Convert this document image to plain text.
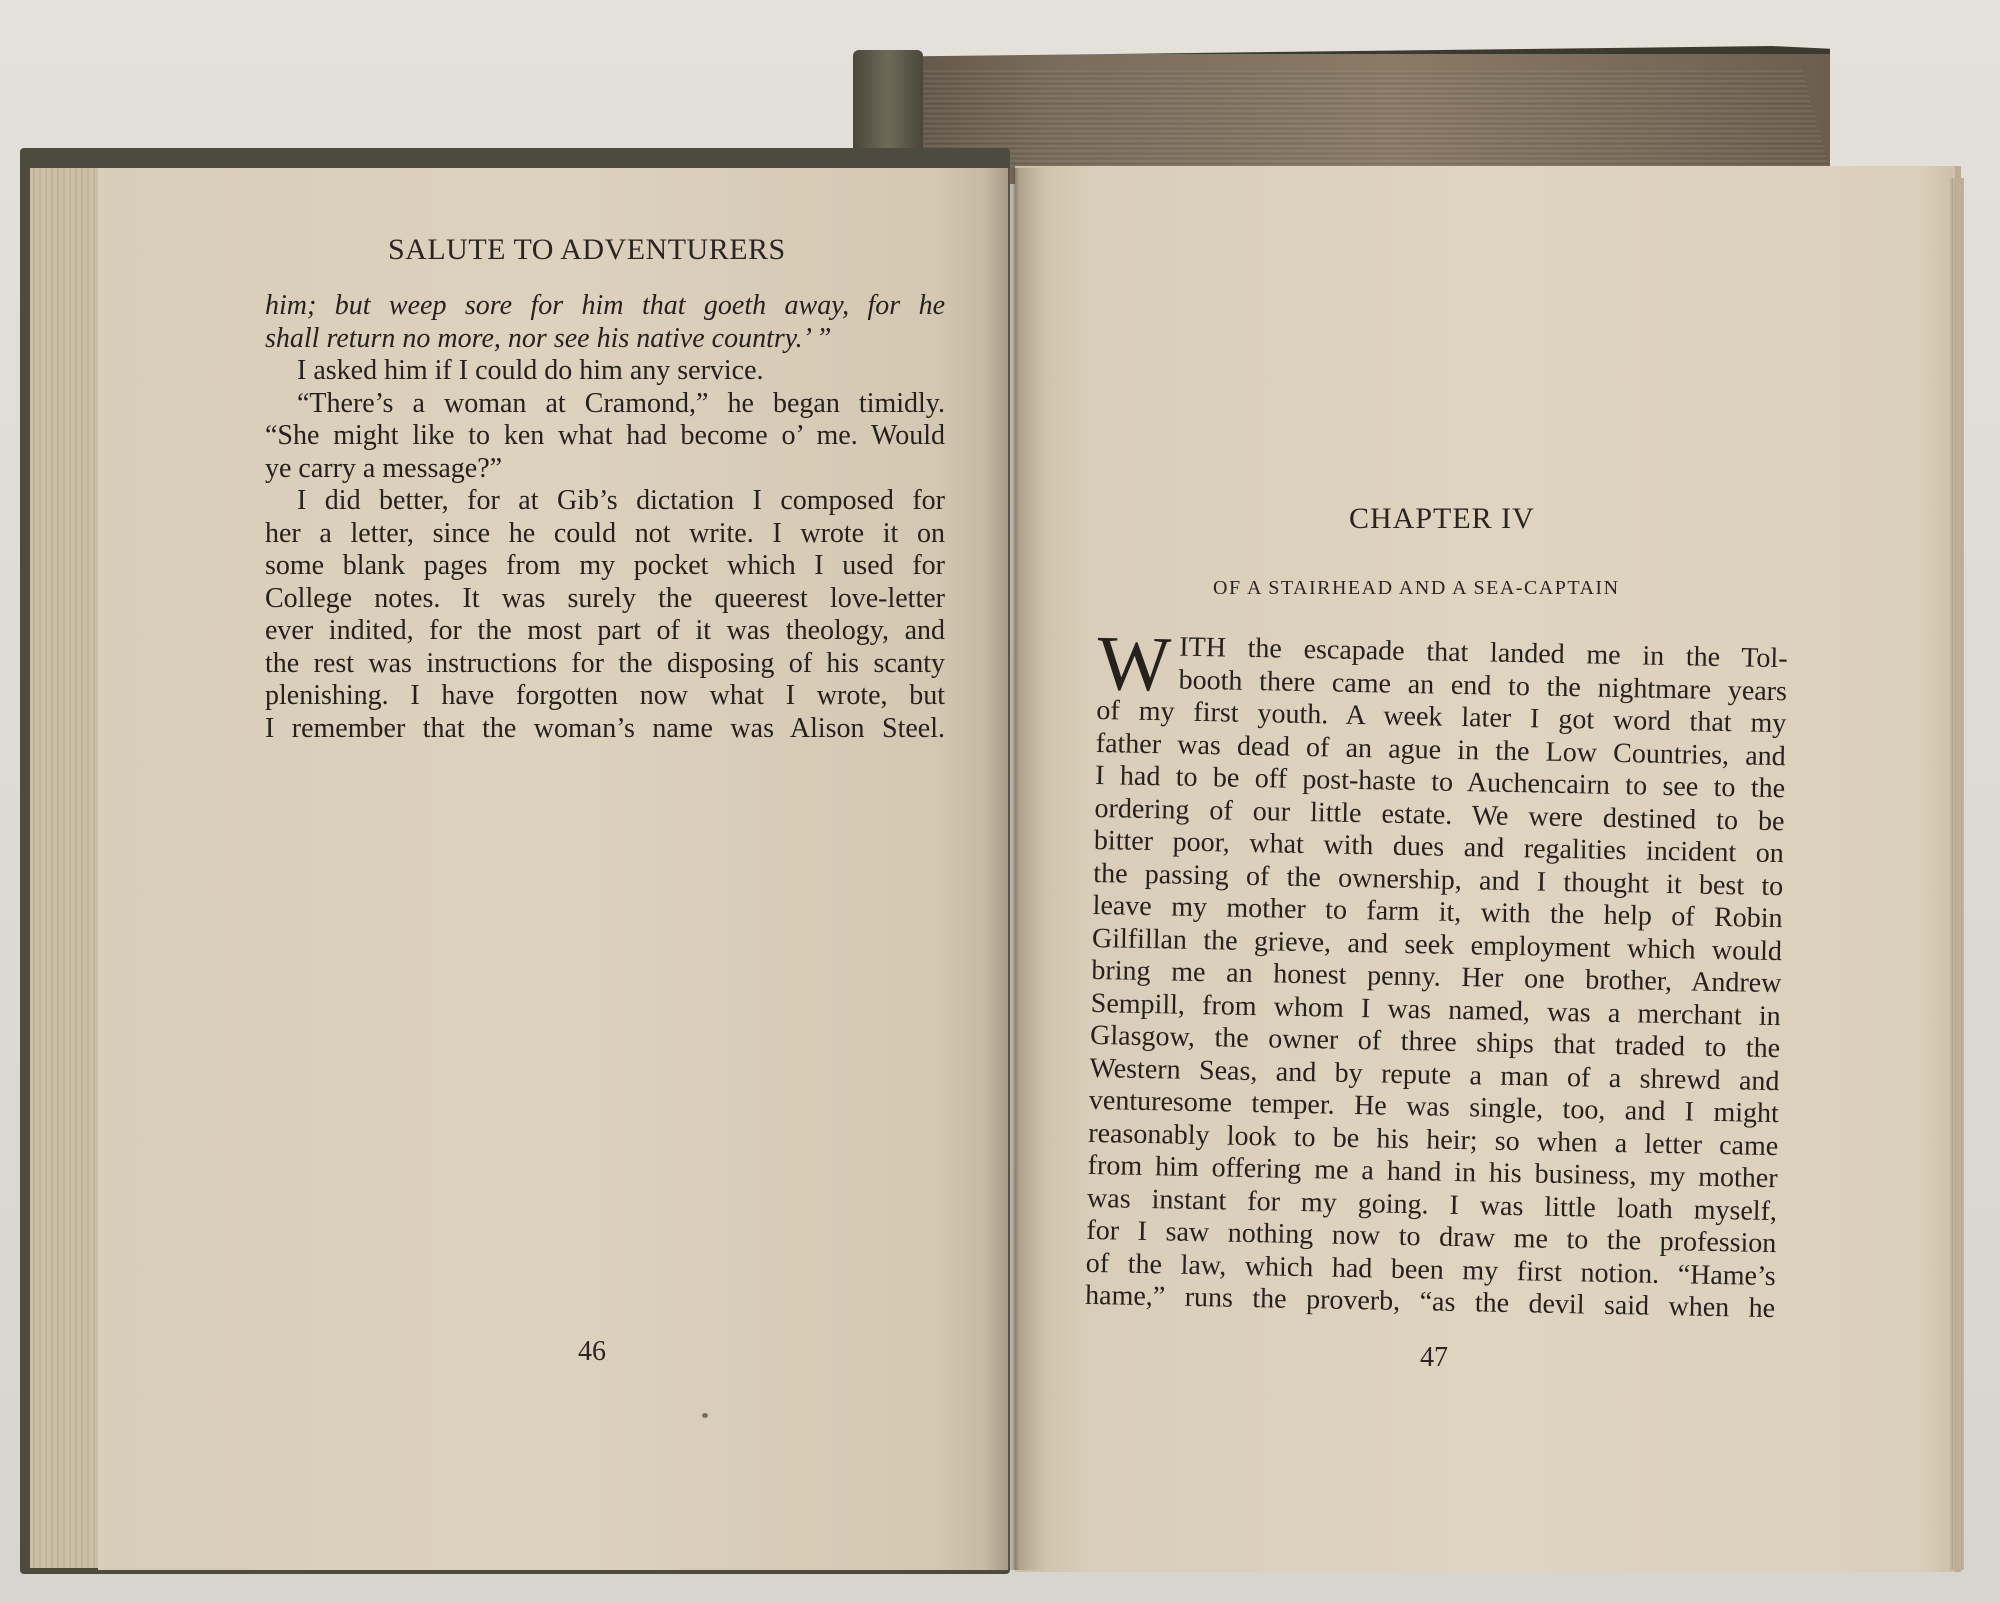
SALUTE TO ADVENTURERS
him; but weep sore for him that goeth away, for he
shall return no more, nor see his native country.’ ”
I asked him if I could do him any service.
“There’s a woman at Cramond,” he began timidly.
“She might like to ken what had become o’ me. Would
ye carry a message?”
I did better, for at Gib’s dictation I composed for
her a letter, since he could not write. I wrote it on
some blank pages from my pocket which I used for
College notes. It was surely the queerest love-letter
ever indited, for the most part of it was theology, and
the rest was instructions for the disposing of his scanty
plenishing. I have forgotten now what I wrote, but
I remember that the woman’s name was Alison Steel.
46
CHAPTER IV
OF A STAIRHEAD AND A SEA-CAPTAIN
W ITH the escapade that landed me in the Tol-
booth there came an end to the nightmare years
of my first youth. A week later I got word that my
father was dead of an ague in the Low Countries, and
I had to be off post-haste to Auchencairn to see to the
ordering of our little estate. We were destined to be
bitter poor, what with dues and regalities incident on
the passing of the ownership, and I thought it best to
leave my mother to farm it, with the help of Robin
Gilfillan the grieve, and seek employment which would
bring me an honest penny. Her one brother, Andrew
Sempill, from whom I was named, was a merchant in
Glasgow, the owner of three ships that traded to the
Western Seas, and by repute a man of a shrewd and
venturesome temper. He was single, too, and I might
reasonably look to be his heir; so when a letter came
from him offering me a hand in his business, my mother
was instant for my going. I was little loath myself,
for I saw nothing now to draw me to the profession
of the law, which had been my first notion. “Hame’s
hame,” runs the proverb, “as the devil said when he
47
